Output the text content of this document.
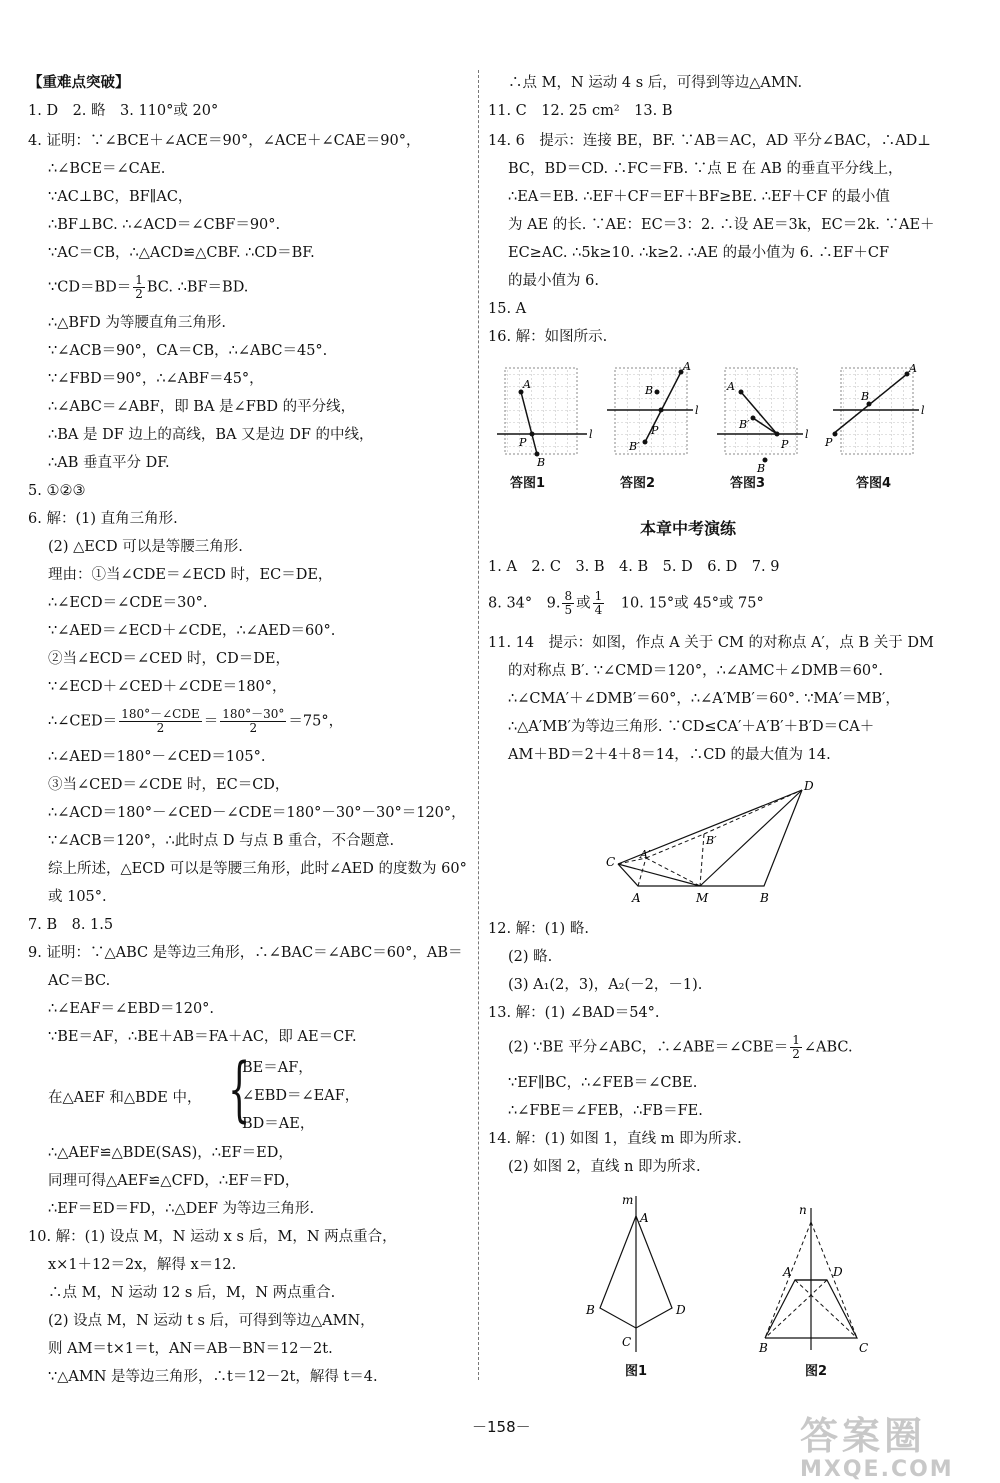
【重难点突破】
1. D　2. 略　3. 110°或 20°
4. 证明：∵∠BCE＋∠ACE＝90°，∠ACE＋∠CAE＝90°，
∴∠BCE＝∠CAE.
∵AC⊥BC，BF∥AC，
∴BF⊥BC. ∴∠ACD＝∠CBF＝90°.
∵AC＝CB，∴△ACD≌△CBF. ∴CD＝BF.
∵CD＝BD＝ $\frac{1}{2}$ BC. ∴BF＝BD.
∴△BFD 为等腰直角三角形.
∵∠ACB＝90°，CA＝CB，∴∠ABC＝45°.
∵∠FBD＝90°，∴∠ABF＝45°，
∴∠ABC＝∠ABF，即 BA 是∠FBD 的平分线，
∴BA 是 DF 边上的高线，BA 又是边 DF 的中线，
∴AB 垂直平分 DF.
5. ①②③
6. 解：(1) 直角三角形.
(2) △ECD 可以是等腰三角形.
理由：①当∠CDE＝∠ECD 时，EC＝DE，
∴∠ECD＝∠CDE＝30°.
∵∠AED＝∠ECD＋∠CDE，∴∠AED＝60°.
②当∠ECD＝∠CED 时，CD＝DE，
∵∠ECD＋∠CED＋∠CDE＝180°，
∴∠CED＝ $\frac{\text{180°－∠CDE}}{2} = \frac{180^\circ-30^\circ}{2} =75^\circ$，
∴∠AED＝180°－∠CED＝105°.
③当∠CED＝∠CDE 时，EC＝CD，
∴∠ACD＝180°－∠CED－∠CDE＝180°－30°－30°＝120°，
∵∠ACB＝120°，∴此时点 D 与点 B 重合，不合题意.
综上所述，△ECD 可以是等腰三角形，此时∠AED 的度数为 60°
或 105°.
7. B　8. 1.5
9. 证明：∵△ABC 是等边三角形，∴∠BAC＝∠ABC＝60°，AB＝
AC＝BC.
∴∠EAF＝∠EBD＝120°.
∵BE＝AF，∴BE＋AB＝FA＋AC，即 AE＝CF.
在△AEF 和△BDE 中， {
BE＝AF，
∠EBD＝∠EAF，
BD＝AE，
∴△AEF≌△BDE(SAS)，∴EF＝ED，
同理可得△AEF≌△CFD，∴EF＝FD，
∴EF＝ED＝FD，∴△DEF 为等边三角形.
10. 解：(1) 设点 M，N 运动 x s 后，M，N 两点重合，
x×1＋12＝2x，解得 x＝12.
∴点 M，N 运动 12 s 后，M，N 两点重合.
(2) 设点 M，N 运动 t s 后，可得到等边△AMN，
则 AM＝t×1＝t，AN＝AB－BN＝12－2t.
∵△AMN 是等边三角形，∴t＝12－2t，解得 t＝4.
∴点 M，N 运动 4 s 后，可得到等边△AMN.
11. C　12. 25 cm²　13. B
14. 6　提示：连接 BE，BF. ∵AB＝AC，AD 平分∠BAC，∴AD⊥
BC，BD＝CD. ∴FC＝FB. ∵点 E 在 AB 的垂直平分线上，
∴EA＝EB. ∴EF＋CF＝EF＋BF≥BE. ∴EF＋CF 的最小值
为 AE 的长. ∵AE：EC＝3：2. ∴设 AE＝3k，EC＝2k. ∵AE＋
EC≥AC. ∴5k≥10. ∴k≥2. ∴AE 的最小值为 6. ∴EF＋CF
的最小值为 6.
15. A
16. 解：如图所示.
A
P
B
l
A
B
P
B′
l
A
B′
P
B
l
A
B
P
l
答图1	答图2	答图3	答图4
本章中考演练
1. A　2. C　3. B　4. B　5. D　6. D　7. 9
8. 34°　9. $\frac{8}{5}$ 或 $\frac{1}{4}$ 　10. 15°或 45°或 75°
11. 14　提示：如图，作点 A 关于 CM 的对称点 A′，点 B 关于 DM
的对称点 B′. ∵∠CMD＝120°，∴∠AMC＋∠DMB＝60°.
∴∠CMA′＋∠DMB′＝60°，∴∠A′MB′＝60°. ∵MA′＝MB′，
∴△A′MB′为等边三角形. ∵CD≤CA′＋A′B′＋B′D＝CA＋
AM＋BD＝2＋4＋8＝14，∴CD 的最大值为 14.
C
D
A′
B′
A	M	B
12. 解：(1) 略.
(2) 略.
(3) A₁(2，3)，A₂(－2，－1).
13. 解：(1) ∠BAD＝54°.
(2) ∵BE 平分∠ABC，∴∠ABE＝∠CBE＝ $\frac{1}{2}$ ∠ABC.
∵EF∥BC，∴∠FEB＝∠CBE.
∴∠FBE＝∠FEB，∴FB＝FE.
14. 解：(1) 如图 1，直线 m 即为所求.
(2) 如图 2，直线 n 即为所求.
m
A
B	D
C
n
A	D
B	C
图1	图2
－158－	答案圈
MXQE.COM
